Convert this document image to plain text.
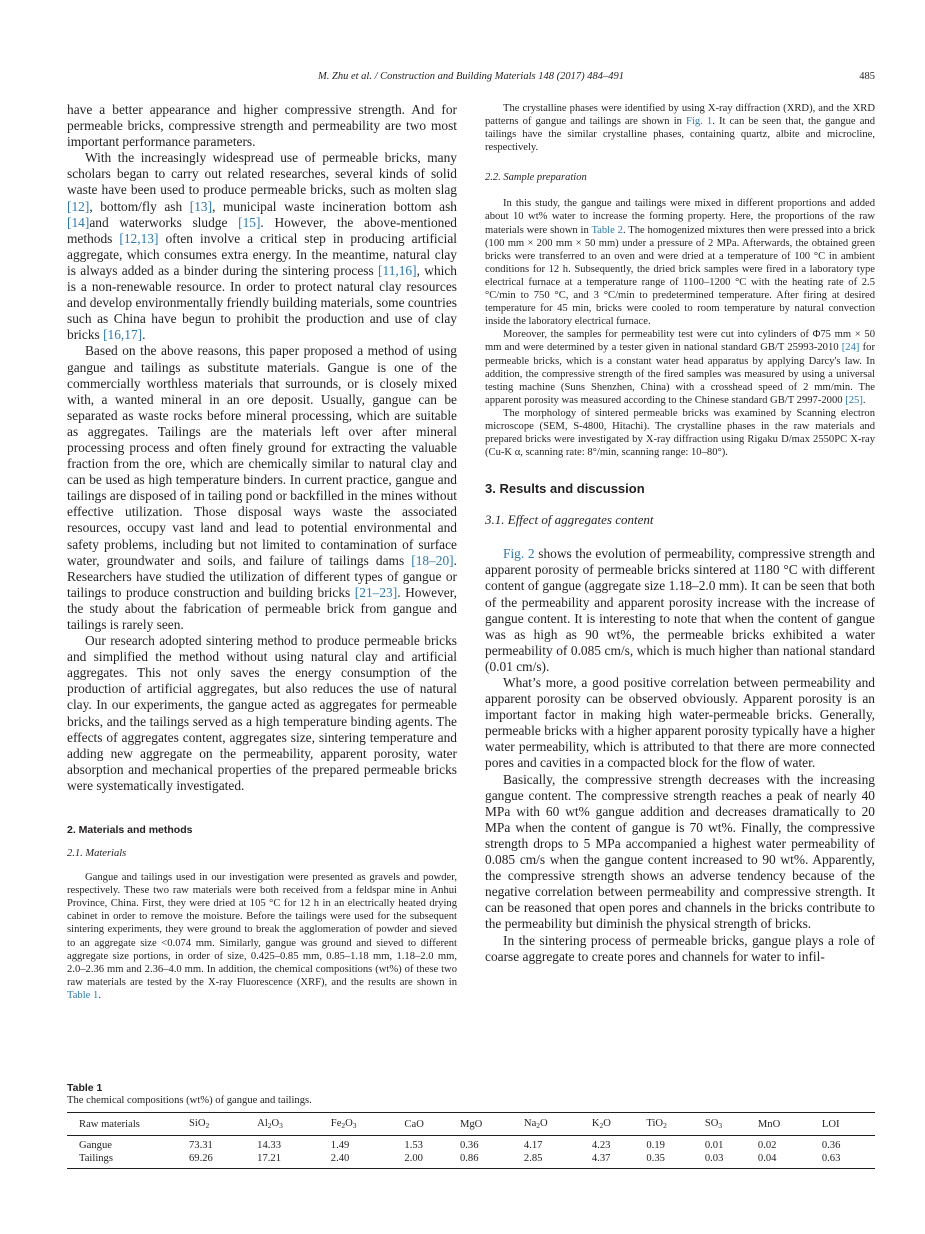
M. Zhu et al. / Construction and Building Materials 148 (2017) 484–491	485

have a better appearance and higher compressive strength. And for permeable bricks, compressive strength and permeability are two most important performance parameters.

With the increasingly widespread use of permeable bricks, many scholars began to carry out related researches, several kinds of solid waste have been used to produce permeable bricks, such as molten slag [12], bottom/fly ash [13], municipal waste incineration bottom ash [14]and waterworks sludge [15]. However, the above-mentioned methods [12,13] often involve a critical step in producing artificial aggregate, which consumes extra energy. In the meantime, natural clay is always added as a binder during the sintering process [11,16], which is a non-renewable resource. In order to protect natural clay resources and develop environmentally friendly building materials, some countries such as China have begun to prohibit the production and use of clay bricks [16,17].

Based on the above reasons, this paper proposed a method of using gangue and tailings as substitute materials. Gangue is one of the commercially worthless materials that surrounds, or is closely mixed with, a wanted mineral in an ore deposit. Usually, gangue can be separated as waste rocks before mineral processing, which are suitable as aggregates. Tailings are the materials left over after mineral processing process and often finely ground for extracting the valuable fraction from the ore, which are chemically similar to natural clay and can be used as high temperature binders. In current practice, gangue and tailings are disposed of in tailing pond or backfilled in the mines without effective utilization. Those disposal ways waste the associated resources, occupy vast land and lead to potential environmental and safety problems, including but not limited to contamination of surface water, groundwater and soils, and failure of tailings dams [18–20]. Researchers have studied the utilization of different types of gangue or tailings to produce construction and building bricks [21–23]. However, the study about the fabrication of permeable brick from gangue and tailings is rarely seen.

Our research adopted sintering method to produce permeable bricks and simplified the method without using natural clay and artificial aggregates. This not only saves the energy consumption of the production of artificial aggregates, but also reduces the use of natural clay. In our experiments, the gangue acted as aggregates for permeable bricks, and the tailings served as a high temperature binding agents. The effects of aggregates content, aggregates size, sintering temperature and adding new aggregate on the permeability, apparent porosity, water absorption and mechanical properties of the prepared permeable bricks were systematically investigated.

2. Materials and methods

2.1. Materials

Gangue and tailings used in our investigation were presented as gravels and powder, respectively. These two raw materials were both received from a feldspar mine in Anhui Province, China. First, they were dried at 105 °C for 12 h in an electrically heated drying cabinet in order to remove the moisture. Before the tailings were used for the subsequent sintering experiments, they were ground to break the agglomeration of powder and sieved to an aggregate size <0.074 mm. Similarly, gangue was ground and sieved to different aggregate size portions, in order of size, 0.425–0.85 mm, 0.85–1.18 mm, 1.18–2.0 mm, 2.0–2.36 mm and 2.36–4.0 mm. In addition, the chemical compositions (wt%) of these two raw materials are tested by the X-ray Fluorescence (XRF), and the results are shown in Table 1.

The crystalline phases were identified by using X-ray diffraction (XRD), and the XRD patterns of gangue and tailings are shown in Fig. 1. It can be seen that, the gangue and tailings have the similar crystalline phases, containing quartz, albite and microcline, respectively.

2.2. Sample preparation

In this study, the gangue and tailings were mixed in different proportions and added about 10 wt% water to increase the forming property. Here, the proportions of the raw materials were shown in Table 2. The homogenized mixtures then were pressed into a brick (100 mm × 200 mm × 50 mm) under a pressure of 2 MPa. Afterwards, the obtained green bricks were transferred to an oven and were dried at a temperature of 100 °C in ambient conditions for 12 h. Subsequently, the dried brick samples were fired in a laboratory type electrical furnace at a temperature range of 1100–1200 °C with the heating rate of 2.5 °C/min to 750 °C, and 3 °C/min to predetermined temperature. After firing at desired temperature for 45 min, bricks were cooled to room temperature by natural convection inside the laboratory electrical furnace.

Moreover, the samples for permeability test were cut into cylinders of Φ75 mm × 50 mm and were determined by a tester given in national standard GB/T 25993-2010 [24] for permeable bricks, which is a constant water head apparatus by applying Darcy's law. In addition, the compressive strength of the fired samples was measured by using a universal testing machine (Suns Shenzhen, China) with a crosshead speed of 2 mm/min. The apparent porosity was measured according to the Chinese standard GB/T 2997-2000 [25].

The morphology of sintered permeable bricks was examined by Scanning electron microscope (SEM, S-4800, Hitachi). The crystalline phases in the raw materials and prepared bricks were investigated by X-ray diffraction using Rigaku D/max 2550PC X-ray (Cu-K α, scanning rate: 8°/min, scanning range: 10–80°).

3. Results and discussion

3.1. Effect of aggregates content

Fig. 2 shows the evolution of permeability, compressive strength and apparent porosity of permeable bricks sintered at 1180 °C with different content of gangue (aggregate size 1.18–2.0 mm). It can be seen that both of the permeability and apparent porosity increase with the increase of gangue content. It is interesting to note that when the content of gangue was as high as 90 wt%, the permeable bricks exhibited a water permeability of 0.085 cm/s, which is much higher than national standard (0.01 cm/s).

What’s more, a good positive correlation between permeability and apparent porosity can be observed obviously. Apparent porosity is an important factor in making high water-permeable bricks. Generally, permeable bricks with a higher apparent porosity typically have a higher water permeability, which is attributed to that there are more connected pores and cavities in a compacted block for the flow of water.

Basically, the compressive strength decreases with the increasing gangue content. The compressive strength reaches a peak of nearly 40 MPa with 60 wt% gangue addition and decreases dramatically to 20 MPa when the content of gangue is 70 wt%. Finally, the compressive strength drops to 5 MPa accompanied a highest water permeability of 0.085 cm/s when the gangue content increased to 90 wt%. Apparently, the compressive strength shows an adverse tendency because of the negative correlation between permeability and compressive strength. It can be reasoned that open pores and channels in the bricks contribute to the permeability but diminish the physical strength of bricks.

In the sintering process of permeable bricks, gangue plays a role of coarse aggregate to create pores and channels for water to infil-

Table 1
The chemical compositions (wt%) of gangue and tailings.
Raw materials	SiO$_2$	$Al_2O_3$	$Fe_2O_3$	CaO	MgO	$Na_2O$	$K_2O$	TiO$_2$	$SO_3$	MnO	LOI
Gangue	73.31	14.33	1.49	1.53	0.36	4.17	4.23	0.19	0.01	0.02	0.36
Tailings	69.26	17.21	2.40	2.00	0.86	2.85	4.37	0.35	0.03	0.04	0.63
